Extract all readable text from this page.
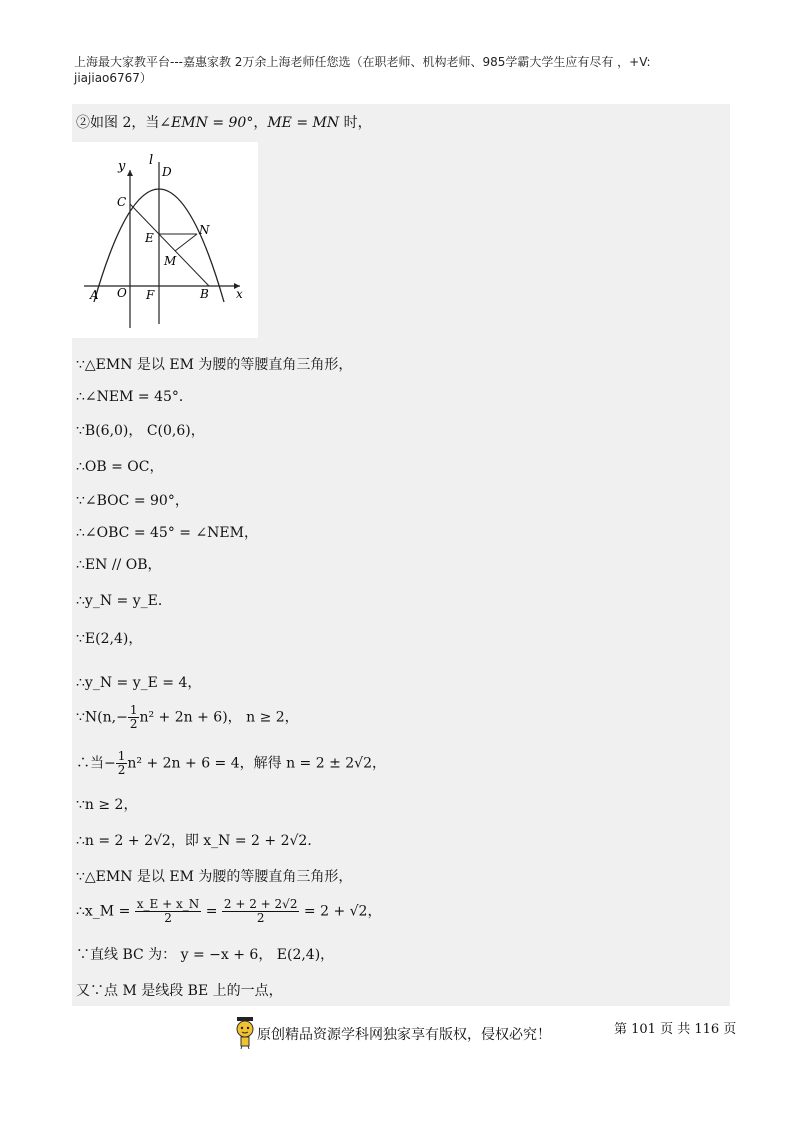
上海最大家教平台---嘉惠家教 2万余上海老师任您选（在职老师、机构老师、985学霸大学生应有尽有 ，+V:
jiajiao6767）
②如图 2，当∠EMN = 90°，ME = MN 时，
y l
D
C
E
N
M
A O F	B x
∵△EMN 是以 EM 为腰的等腰直角三角形，
∴∠NEM = 45°．
∵B(6,0)， C(0,6)，
∴OB = OC，
∵∠BOC = 90°，
∴∠OBC = 45° = ∠NEM，
∴EN // OB，
∴y_N = y_E．
∵E(2,4)，
∴y_N = y_E = 4，
∵N(n,− $\frac{1}{2} n^2 + 2n + 6$)， n ≥ 2，
∴当− $\frac{1}{2} n^2 + 2n + 6 = 4$，解得 n = 2 ± 2√2，
∵n ≥ 2，
∴n = 2 + 2√2，即 x_N = 2 + 2√2．
∵△EMN 是以 EM 为腰的等腰直角三角形，
∴x_M = $\frac{x\_E + x\_N}{2} = \frac{2 + 2 + 2√2}{2} = 2 + √2$，
∵直线 BC 为： y = −x + 6， E(2,4)，
又∵点 M 是线段 BE 上的一点，
原创精品资源学科网独家享有版权，侵权必究！	第 101 页 共 116 页
